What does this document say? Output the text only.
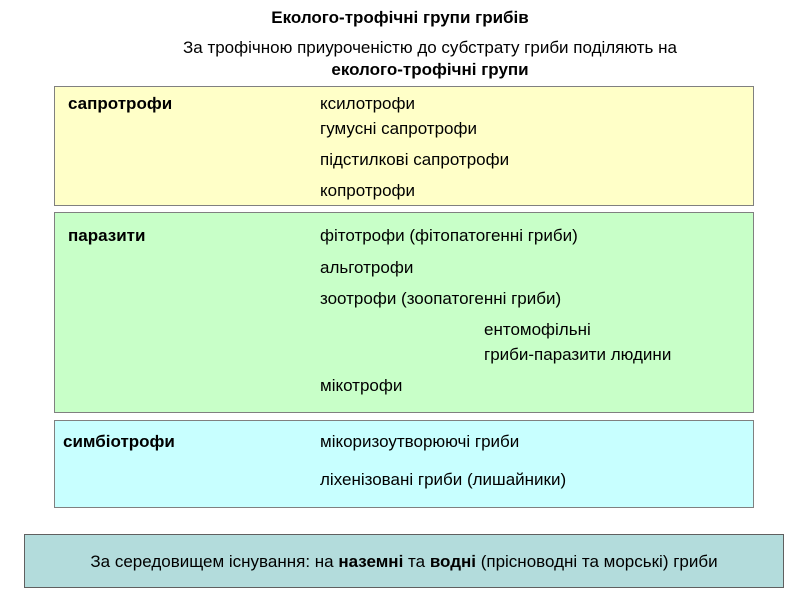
Еколого-трофічні групи грибів
За трофічною приуроченістю до субстрату гриби поділяють на
еколого-трофічні групи
сапротрофи	ксилотрофи
гумусні сапротрофи
підстилкові сапротрофи
копротрофи
паразити	фітотрофи (фітопатогенні гриби)
альготрофи
зоотрофи (зоопатогенні гриби)
ентомофільні
гриби-паразити людини
мікотрофи
симбіотрофи	мікоризоутворюючі гриби
ліхенізовані гриби (лишайники)
За середовищем існування: на наземні та водні (прісноводні та морські) гриби
